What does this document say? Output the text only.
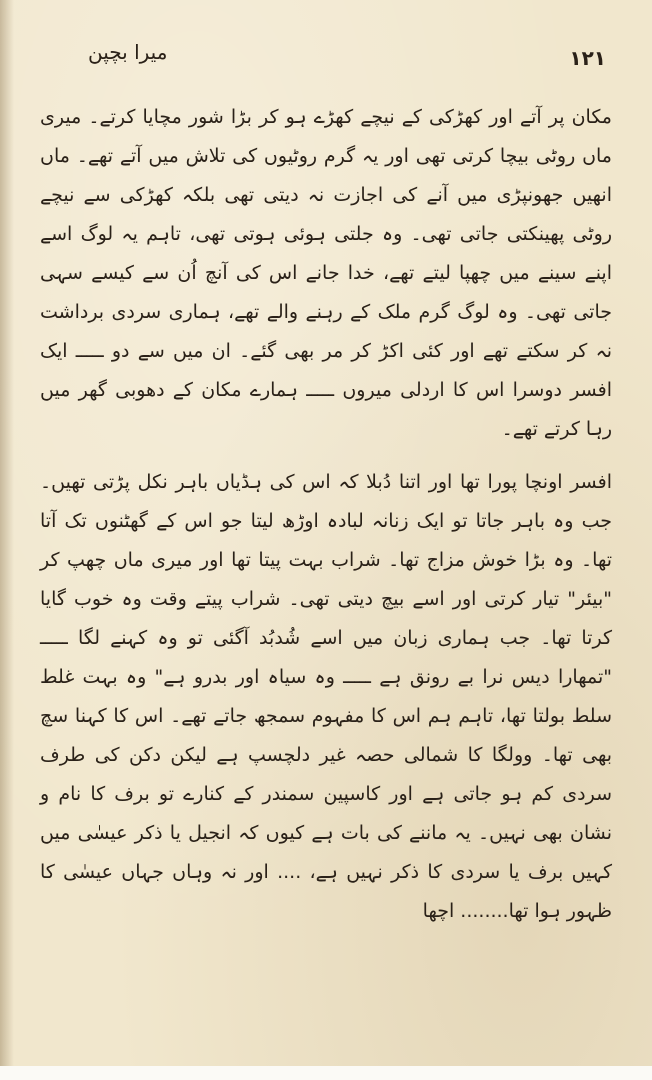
۱۲۱
میرا بچپن

مکان پر آتے اور کھڑکی کے نیچے کھڑے ہو کر بڑا شور مچایا کرتے۔ میری ماں روٹی بیچا کرتی تھی اور یہ گرم روٹیوں کی تلاش میں آتے تھے۔ ماں انھیں جھونپڑی میں آنے کی اجازت نہ دیتی تھی بلکہ کھڑکی سے نیچے روٹی پھینکتی جاتی تھی۔ وہ جلتی ہوئی ہوتی تھی، تاہم یہ لوگ اسے اپنے سینے میں چھپا لیتے تھے، خدا جانے اس کی آنچ اُن سے کیسے سہی جاتی تھی۔ وہ لوگ گرم ملک کے رہنے والے تھے، ہماری سردی برداشت نہ کر سکتے تھے اور کئی اکڑ کر مر بھی گئے۔ ان میں سے دو ـــــ ایک افسر دوسرا اس کا اردلی میروں ـــــ ہمارے مکان کے دھوبی گھر میں رہا کرتے تھے۔

افسر اونچا پورا تھا اور اتنا دُبلا کہ اس کی ہڈیاں باہر نکل پڑتی تھیں۔ جب وہ باہر جاتا تو ایک زنانہ لبادہ اوڑھ لیتا جو اس کے گھٹنوں تک آتا تھا۔ وہ بڑا خوش مزاج تھا۔ شراب بہت پیتا تھا اور میری ماں چھپ کر "بیئر" تیار کرتی اور اسے بیچ دیتی تھی۔ شراب پیتے وقت وہ خوب گایا کرتا تھا۔ جب ہماری زبان میں اسے شُدبُد آگئی تو وہ کہنے لگا ـــــ "تمھارا دیس نرا بے رونق ہے ـــــ وہ سیاہ اور بدرو ہے" وہ بہت غلط سلط بولتا تھا، تاہم ہم اس کا مفہوم سمجھ جاتے تھے۔ اس کا کہنا سچ بھی تھا۔ وولگا کا شمالی حصہ غیر دلچسپ ہے لیکن دکن کی طرف سردی کم ہو جاتی ہے اور کاسپین سمندر کے کنارے تو برف کا نام و نشان بھی نہیں۔ یہ ماننے کی بات ہے کیوں کہ انجیل یا ذکر عیسٰی میں کہیں برف یا سردی کا ذکر نہیں ہے، .... اور نہ وہاں جہاں عیسٰی کا ظہور ہوا تھا........ اچھا
